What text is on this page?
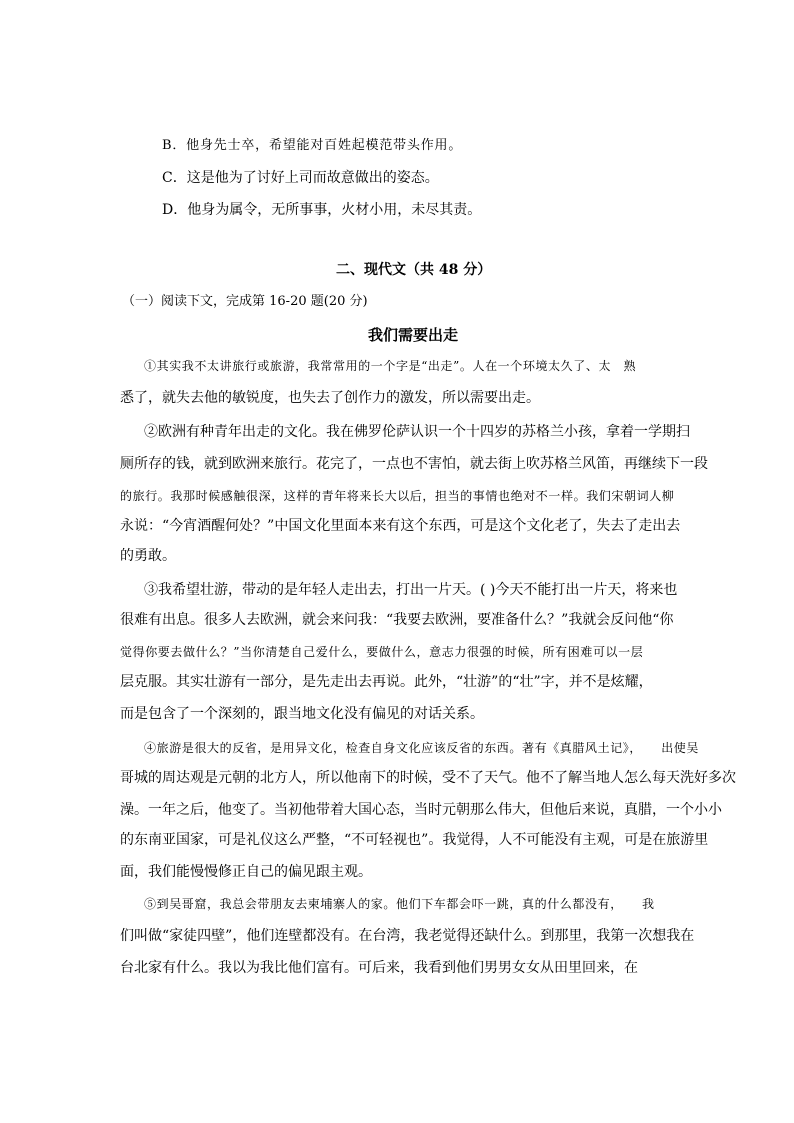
B．他身先士卒，希望能对百姓起模范带头作用。
C．这是他为了讨好上司而故意做出的姿态。
D．他身为属令，无所事事，火材小用，未尽其责。
二、现代文（共 48 分）
（一）阅读下文，完成第 16-20 题(20 分)
我们需要出走
①其实我不太讲旅行或旅游，我常常用的一个字是“出走”。人在一个环境太久了、太　熟
悉了，就失去他的敏锐度，也失去了创作力的激发，所以需要出走。
②欧洲有种青年出走的文化。我在佛罗伦萨认识一个十四岁的苏格兰小孩，拿着一学期扫
厕所存的钱，就到欧洲来旅行。花完了，一点也不害怕，就去街上吹苏格兰风笛，再继续下一段
的旅行。我那时候感触很深，这样的青年将来长大以后，担当的事情也绝对不一样。我们宋朝词人柳
永说：“今宵酒醒何处？”中国文化里面本来有这个东西，可是这个文化老了，失去了走出去
的勇敢。
③我希望壮游，带动的是年轻人走出去，打出一片天。( )今天不能打出一片天，将来也
很难有出息。很多人去欧洲，就会来问我：“我要去欧洲，要准备什么？”我就会反问他“你
觉得你要去做什么？”当你清楚自己爱什么，要做什么，意志力很强的时候，所有困难可以一层
层克服。其实壮游有一部分，是先走出去再说。此外，“壮游”的“壮”字，并不是炫耀，
而是包含了一个深刻的，跟当地文化没有偏见的对话关系。
④旅游是很大的反省，是用异文化，检查自身文化应该反省的东西。著有《真腊风土记》，　　出使吴
哥城的周达观是元朝的北方人，所以他南下的时候，受不了天气。他不了解当地人怎么每天洗好多次
澡。一年之后，他变了。当初他带着大国心态，当时元朝那么伟大，但他后来说，真腊，一个小小
的东南亚国家，可是礼仪这么严整，“不可轻视也”。我觉得，人不可能没有主观，可是在旅游里
面，我们能慢慢修正自己的偏见跟主观。
⑤到吴哥窟，我总会带朋友去柬埔寨人的家。他们下车都会吓一跳，真的什么都没有，　　我
们叫做“家徒四壁”，他们连壁都没有。在台湾，我老觉得还缺什么。到那里，我第一次想我在
台北家有什么。我以为我比他们富有。可后来，我看到他们男男女女从田里回来，在
